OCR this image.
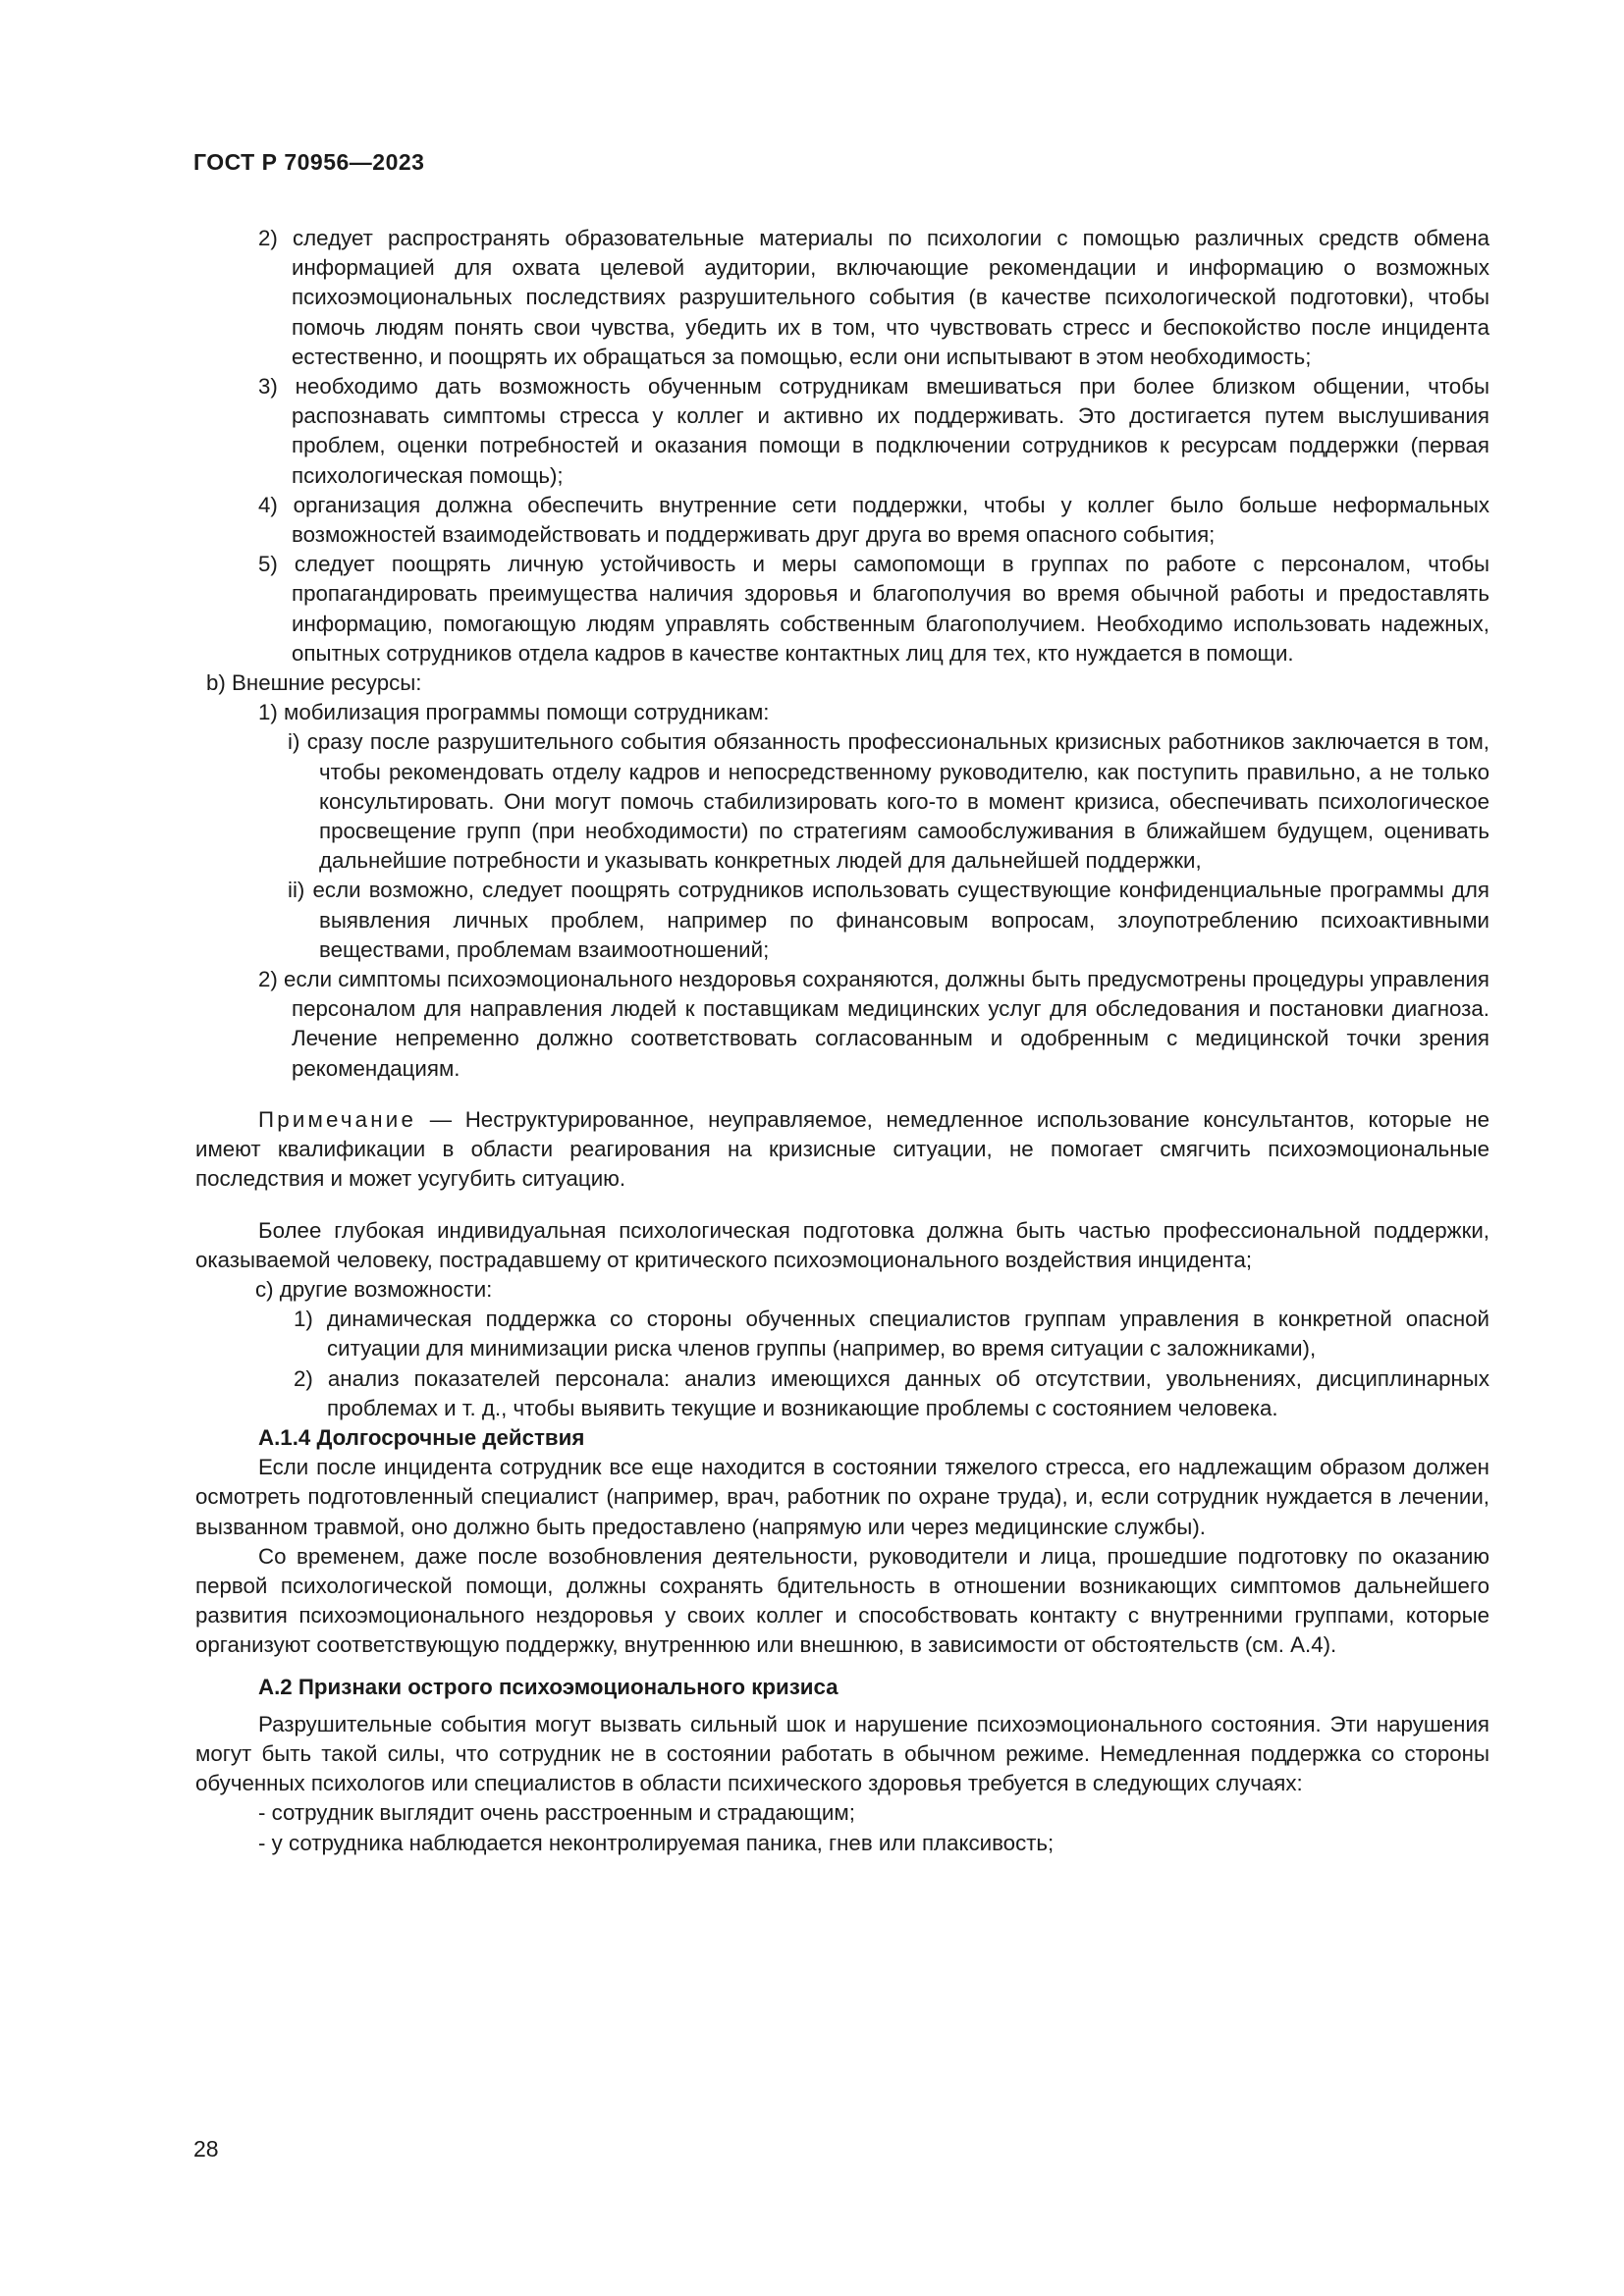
ГОСТ Р 70956—2023

2) следует распространять образовательные материалы по психологии с помощью различных средств обмена информацией для охвата целевой аудитории, включающие рекомендации и информацию о возможных психоэмоциональных последствиях разрушительного события (в качестве психологической подготовки), чтобы помочь людям понять свои чувства, убедить их в том, что чувствовать стресс и беспокойство после инцидента естественно, и поощрять их обращаться за помощью, если они испытывают в этом необходимость;

3) необходимо дать возможность обученным сотрудникам вмешиваться при более близком общении, чтобы распознавать симптомы стресса у коллег и активно их поддерживать. Это достигается путем выслушивания проблем, оценки потребностей и оказания помощи в подключении сотрудников к ресурсам поддержки (первая психологическая помощь);

4) организация должна обеспечить внутренние сети поддержки, чтобы у коллег было больше неформальных возможностей взаимодействовать и поддерживать друг друга во время опасного события;

5) следует поощрять личную устойчивость и меры самопомощи в группах по работе с персоналом, чтобы пропагандировать преимущества наличия здоровья и благополучия во время обычной работы и предоставлять информацию, помогающую людям управлять собственным благополучием. Необходимо использовать надежных, опытных сотрудников отдела кадров в качестве контактных лиц для тех, кто нуждается в помощи.

b) Внешние ресурсы:

1) мобилизация программы помощи сотрудникам:

i) сразу после разрушительного события обязанность профессиональных кризисных работников заключается в том, чтобы рекомендовать отделу кадров и непосредственному руководителю, как поступить правильно, а не только консультировать. Они могут помочь стабилизировать кого-то в момент кризиса, обеспечивать психологическое просвещение групп (при необходимости) по стратегиям самообслуживания в ближайшем будущем, оценивать дальнейшие потребности и указывать конкретных людей для дальнейшей поддержки,

ii) если возможно, следует поощрять сотрудников использовать существующие конфиденциальные программы для выявления личных проблем, например по финансовым вопросам, злоупотреблению психоактивными веществами, проблемам взаимоотношений;

2) если симптомы психоэмоционального нездоровья сохраняются, должны быть предусмотрены процедуры управления персоналом для направления людей к поставщикам медицинских услуг для обследования и постановки диагноза. Лечение непременно должно соответствовать согласованным и одобренным с медицинской точки зрения рекомендациям.

Примечание — Неструктурированное, неуправляемое, немедленное использование консультантов, которые не имеют квалификации в области реагирования на кризисные ситуации, не помогает смягчить психоэмоциональные последствия и может усугубить ситуацию.

Более глубокая индивидуальная психологическая подготовка должна быть частью профессиональной поддержки, оказываемой человеку, пострадавшему от критического психоэмоционального воздействия инцидента;

c) другие возможности:

1) динамическая поддержка со стороны обученных специалистов группам управления в конкретной опасной ситуации для минимизации риска членов группы (например, во время ситуации с заложниками),

2) анализ показателей персонала: анализ имеющихся данных об отсутствии, увольнениях, дисциплинарных проблемах и т. д., чтобы выявить текущие и возникающие проблемы с состоянием человека.

А.1.4 Долгосрочные действия

Если после инцидента сотрудник все еще находится в состоянии тяжелого стресса, его надлежащим образом должен осмотреть подготовленный специалист (например, врач, работник по охране труда), и, если сотрудник нуждается в лечении, вызванном травмой, оно должно быть предоставлено (напрямую или через медицинские службы).

Со временем, даже после возобновления деятельности, руководители и лица, прошедшие подготовку по оказанию первой психологической помощи, должны сохранять бдительность в отношении возникающих симптомов дальнейшего развития психоэмоционального нездоровья у своих коллег и способствовать контакту с внутренними группами, которые организуют соответствующую поддержку, внутреннюю или внешнюю, в зависимости от обстоятельств (см. А.4).

А.2 Признаки острого психоэмоционального кризиса

Разрушительные события могут вызвать сильный шок и нарушение психоэмоционального состояния. Эти нарушения могут быть такой силы, что сотрудник не в состоянии работать в обычном режиме. Немедленная поддержка со стороны обученных психологов или специалистов в области психического здоровья требуется в следующих случаях:

- сотрудник выглядит очень расстроенным и страдающим;

- у сотрудника наблюдается неконтролируемая паника, гнев или плаксивость;

28
